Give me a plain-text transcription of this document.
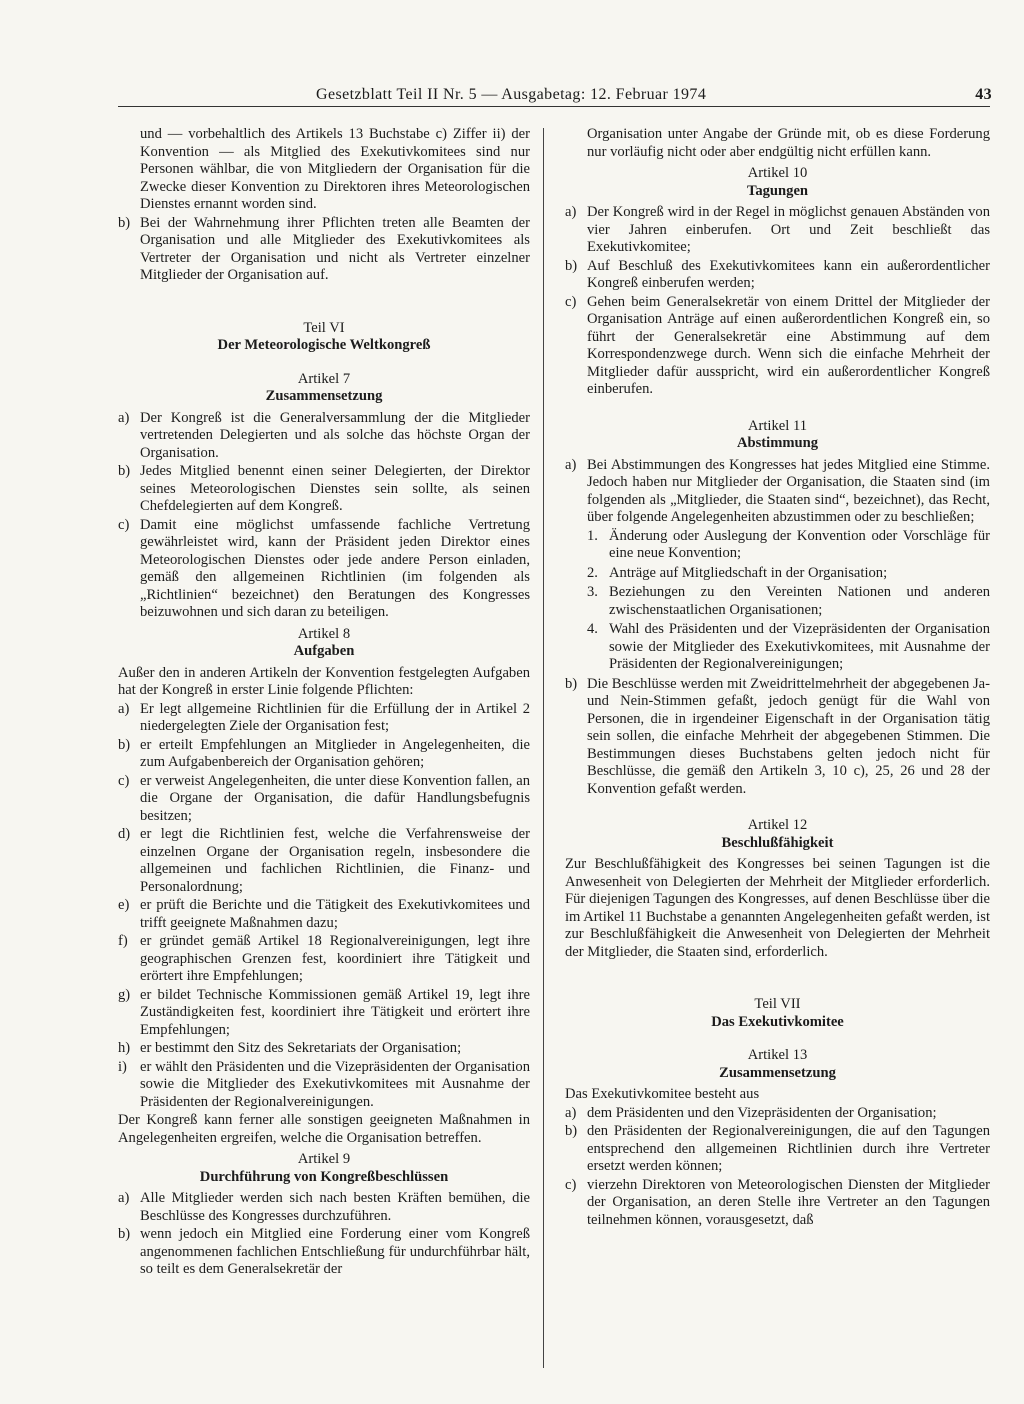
Gesetzblatt Teil II Nr. 5 — Ausgabetag: 12. Februar 1974	43

und — vorbehaltlich des Artikels 13 Buchstabe c) Ziffer ii) der Konvention — als Mitglied des Exekutivkomitees sind nur Personen wählbar, die von Mitgliedern der Organisation für die Zwecke dieser Konvention zu Direktoren ihres Meteorologischen Dienstes ernannt worden sind.

b) Bei der Wahrnehmung ihrer Pflichten treten alle Beamten der Organisation und alle Mitglieder des Exekutivkomitees als Vertreter der Organisation und nicht als Vertreter einzelner Mitglieder der Organisation auf.
Teil VI
Der Meteorologische Weltkongreß
Artikel 7
Zusammensetzung
a) Der Kongreß ist die Generalversammlung der die Mitglieder vertretenden Delegierten und als solche das höchste Organ der Organisation.
b) Jedes Mitglied benennt einen seiner Delegierten, der Direktor seines Meteorologischen Dienstes sein sollte, als seinen Chefdelegierten auf dem Kongreß.
c) Damit eine möglichst umfassende fachliche Vertretung gewährleistet wird, kann der Präsident jeden Direktor eines Meteorologischen Dienstes oder jede andere Person einladen, gemäß den allgemeinen Richtlinien (im folgenden als „Richtlinien“ bezeichnet) den Beratungen des Kongresses beizuwohnen und sich daran zu beteiligen.
Artikel 8
Aufgaben

Außer den in anderen Artikeln der Konvention festgelegten Aufgaben hat der Kongreß in erster Linie folgende Pflichten:

a) Er legt allgemeine Richtlinien für die Erfüllung der in Artikel 2 niedergelegten Ziele der Organisation fest;
b) er erteilt Empfehlungen an Mitglieder in Angelegenheiten, die zum Aufgabenbereich der Organisation gehören;
c) er verweist Angelegenheiten, die unter diese Konvention fallen, an die Organe der Organisation, die dafür Handlungsbefugnis besitzen;
d) er legt die Richtlinien fest, welche die Verfahrensweise der einzelnen Organe der Organisation regeln, insbesondere die allgemeinen und fachlichen Richtlinien, die Finanz- und Personalordnung;
e) er prüft die Berichte und die Tätigkeit des Exekutivkomitees und trifft geeignete Maßnahmen dazu;
f) er gründet gemäß Artikel 18 Regionalvereinigungen, legt ihre geographischen Grenzen fest, koordiniert ihre Tätigkeit und erörtert ihre Empfehlungen;
g) er bildet Technische Kommissionen gemäß Artikel 19, legt ihre Zuständigkeiten fest, koordiniert ihre Tätigkeit und erörtert ihre Empfehlungen;
h) er bestimmt den Sitz des Sekretariats der Organisation;
i) er wählt den Präsidenten und die Vizepräsidenten der Organisation sowie die Mitglieder des Exekutivkomitees mit Ausnahme der Präsidenten der Regionalvereinigungen.

Der Kongreß kann ferner alle sonstigen geeigneten Maßnahmen in Angelegenheiten ergreifen, welche die Organisation betreffen.

Artikel 9
Durchführung von Kongreßbeschlüssen
a) Alle Mitglieder werden sich nach besten Kräften bemühen, die Beschlüsse des Kongresses durchzuführen.
b) wenn jedoch ein Mitglied eine Forderung einer vom Kongreß angenommenen fachlichen Entschließung für undurchführbar hält, so teilt es dem Generalsekretär der

Organisation unter Angabe der Gründe mit, ob es diese Forderung nur vorläufig nicht oder aber endgültig nicht erfüllen kann.

Artikel 10
Tagungen
a) Der Kongreß wird in der Regel in möglichst genauen Abständen von vier Jahren einberufen. Ort und Zeit beschließt das Exekutivkomitee;
b) Auf Beschluß des Exekutivkomitees kann ein außerordentlicher Kongreß einberufen werden;
c) Gehen beim Generalsekretär von einem Drittel der Mitglieder der Organisation Anträge auf einen außerordentlichen Kongreß ein, so führt der Generalsekretär eine Abstimmung auf dem Korrespondenzwege durch. Wenn sich die einfache Mehrheit der Mitglieder dafür ausspricht, wird ein außerordentlicher Kongreß einberufen.
Artikel 11
Abstimmung
a) Bei Abstimmungen des Kongresses hat jedes Mitglied eine Stimme. Jedoch haben nur Mitglieder der Organisation, die Staaten sind (im folgenden als „Mitglieder, die Staaten sind“, bezeichnet), das Recht, über folgende Angelegenheiten abzustimmen oder zu beschließen;
1. Änderung oder Auslegung der Konvention oder Vorschläge für eine neue Konvention;
2. Anträge auf Mitgliedschaft in der Organisation;
3. Beziehungen zu den Vereinten Nationen und anderen zwischenstaatlichen Organisationen;
4. Wahl des Präsidenten und der Vizepräsidenten der Organisation sowie der Mitglieder des Exekutivkomitees, mit Ausnahme der Präsidenten der Regionalvereinigungen;
b) Die Beschlüsse werden mit Zweidrittelmehrheit der abgegebenen Ja- und Nein-Stimmen gefaßt, jedoch genügt für die Wahl von Personen, die in irgendeiner Eigenschaft in der Organisation tätig sein sollen, die einfache Mehrheit der abgegebenen Stimmen. Die Bestimmungen dieses Buchstabens gelten jedoch nicht für Beschlüsse, die gemäß den Artikeln 3, 10 c), 25, 26 und 28 der Konvention gefaßt werden.
Artikel 12
Beschlußfähigkeit

Zur Beschlußfähigkeit des Kongresses bei seinen Tagungen ist die Anwesenheit von Delegierten der Mehrheit der Mitglieder erforderlich. Für diejenigen Tagungen des Kongresses, auf denen Beschlüsse über die im Artikel 11 Buchstabe a genannten Angelegenheiten gefaßt werden, ist zur Beschlußfähigkeit die Anwesenheit von Delegierten der Mehrheit der Mitglieder, die Staaten sind, erforderlich.

Teil VII
Das Exekutivkomitee
Artikel 13
Zusammensetzung

Das Exekutivkomitee besteht aus

a) dem Präsidenten und den Vizepräsidenten der Organisation;
b) den Präsidenten der Regionalvereinigungen, die auf den Tagungen entsprechend den allgemeinen Richtlinien durch ihre Vertreter ersetzt werden können;
c) vierzehn Direktoren von Meteorologischen Diensten der Mitglieder der Organisation, an deren Stelle ihre Vertreter an den Tagungen teilnehmen können, vorausgesetzt, daß
